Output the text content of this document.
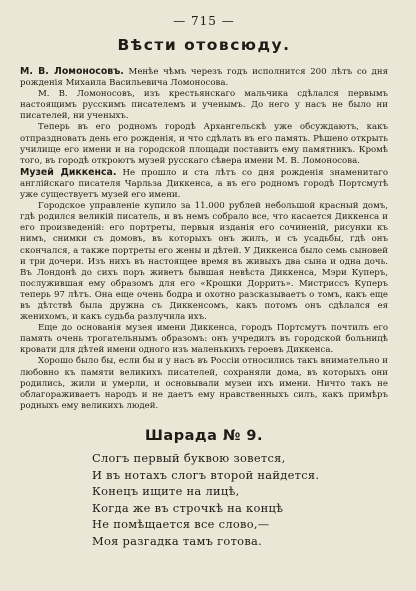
— 715 —
Вѣсти отовсюду.

М. В. Ломоносовъ. Менѣе чѣмъ черезъ годъ исполнится 200 лѣтъ со дня рожденія Михаила Васильевича Ломоносова.

М. В. Ломоносовъ, изъ крестьянскаго мальчика сдѣлался первымъ настоящимъ русскимъ писателемъ и ученымъ. До него у насъ не было ни писателей, ни ученыхъ.

Теперь въ его родномъ городѣ Архангельскѣ уже обсуждаютъ, какъ отпраздновать день его рожденія, и что сдѣлать въ его память. Рѣшено открыть училище его имени и на городской площади поставить ему памятникъ. Кромѣ того, въ городѣ откроютъ музей русскаго сѣвера имени М. В. Ломоносова.

Музей Диккенса. Не прошло и ста лѣтъ со дня рожденія знаменитаго англійскаго писателя Чарльза Диккенса, а въ его родномъ городѣ Портсмутѣ уже существуетъ музей его имени.

Городское управленіе купило за 11.000 рублей небольшой красный домъ, гдѣ родился великій писатель, и въ немъ собрало все, что касается Диккенса и его произведеній: его портреты, первыя изданія его сочиненій, рисунки къ нимъ, снимки съ домовъ, въ которыхъ онъ жилъ, и съ усадьбы, гдѣ онъ скончался, а также портреты его жены и дѣтей. У Диккенса было семь сыновей и три дочери. Изъ нихъ въ настоящее время въ живыхъ два сына и одна дочь. Въ Лондонѣ до сихъ поръ живетъ бывшая невѣста Диккенса, Мэри Куперъ, послужившая ему образомъ для его «Крошки Доррить». Мистриссъ Куперъ теперь 97 лѣтъ. Она еще очень бодра и охотно разсказываетъ о томъ, какъ еще въ дѣтствѣ была дружна съ Диккенсомъ, какъ потомъ онъ сдѣлался ея женихомъ, и какъ судьба разлучила ихъ.

Еще до основанія музея имени Диккенса, городъ Портсмутъ почтилъ его память очень трогательнымъ образомъ: онъ учредилъ въ городской больницѣ кровати для дѣтей имени одного изъ маленькихъ героевъ Диккенса.

Хорошо было бы, если бы и у насъ въ Россіи относились такъ внимательно и любовно къ памяти великихъ писателей, сохраняли дома, въ которыхъ они родились, жили и умерли, и основывали музеи ихъ имени. Ничто такъ не облагораживаетъ народъ и не даетъ ему нравственныхъ силъ, какъ примѣръ родныхъ ему великихъ людей.

Шарада № 9.
Слогъ первый буквою зовется,
И въ нотахъ слогъ второй найдется.
Конецъ ищите на лицѣ,
Когда же въ строчкѣ на концѣ
Не помѣщается все слово,—
Моя разгадка тамъ готова.
